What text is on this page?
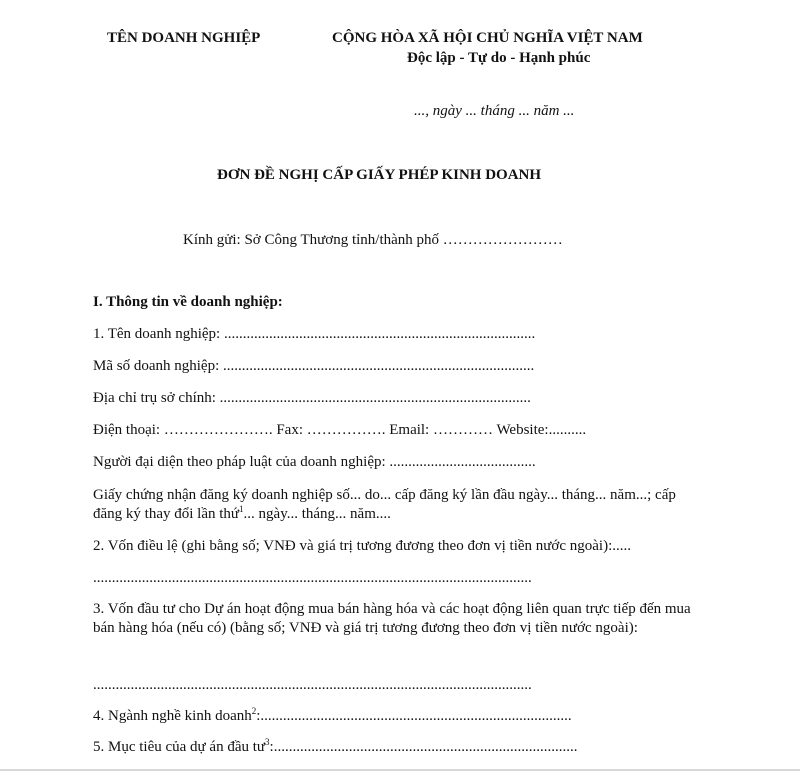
TÊN DOANH NGHIỆP	CỘNG HÒA XÃ HỘI CHỦ NGHĨA VIỆT NAM
Độc lập - Tự do - Hạnh phúc
..., ngày ... tháng ... năm ...
ĐƠN ĐỀ NGHỊ CẤP GIẤY PHÉP KINH DOANH
Kính gửi: Sở Công Thương tỉnh/thành phố ……………………
I. Thông tin về doanh nghiệp:
1. Tên doanh nghiệp: ...................................................................................
Mã số doanh nghiệp: ...................................................................................
Địa chỉ trụ sở chính: ...................................................................................
Điện thoại: …………………. Fax: ……………. Email: ………… Website:..........
Người đại diện theo pháp luật của doanh nghiệp: .......................................
Giấy chứng nhận đăng ký doanh nghiệp số... do... cấp đăng ký lần đầu ngày... tháng... năm...; cấp đăng ký thay đổi lần thứ$^1$... ngày... tháng... năm....
2. Vốn điều lệ (ghi bằng số; VNĐ và giá trị tương đương theo đơn vị tiền nước ngoài):.....
.....................................................................................................................
3. Vốn đầu tư cho Dự án hoạt động mua bán hàng hóa và các hoạt động liên quan trực tiếp đến mua bán hàng hóa (nếu có) (bằng số; VNĐ và giá trị tương đương theo đơn vị tiền nước ngoài):
.....................................................................................................................
4. Ngành nghề kinh doanh$^2$:...................................................................................
5. Mục tiêu của dự án đầu $tư^3$:.................................................................................
